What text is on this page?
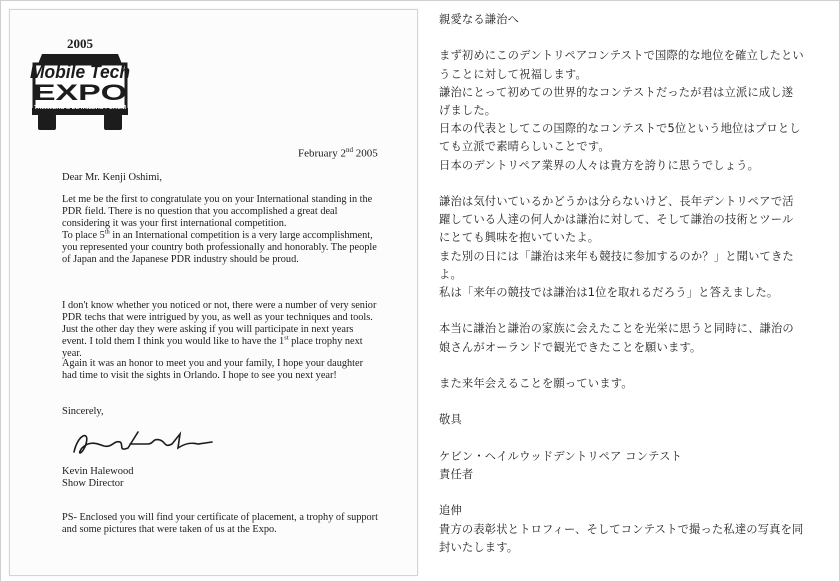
2005
Mobile Tech
EXPO
TRIMMERS & DETAILERS FORUM
February 2nd 2005
Dear Mr. Kenji Oshimi,
Let me be the first to congratulate you on your International standing in the
PDR field. There is no question that you accomplished a great deal
considering it was your first international competition.
To place 5th in an International competition is a very large accomplishment,
you represented your country both professionally and honorably. The people
of Japan and the Japanese PDR industry should be proud.
I don't know whether you noticed or not, there were a number of very senior
PDR techs that were intrigued by you, as well as your techniques and tools.
Just the other day they were asking if you will participate in next years
event. I told them I think you would like to have the 1st place trophy next
year.
Again it was an honor to meet you and your family, I hope your daughter
had time to visit the sights in Orlando. I hope to see you next year!
Sincerely,
Kevin Halewood
Show Director
PS- Enclosed you will find your certificate of placement, a trophy of support
and some pictures that were taken of us at the Expo.
親愛なる謙治へ
まず初めにこのデントリペアコンテストで国際的な地位を確立したとい
うことに対して祝福します。
謙治にとって初めての世界的なコンテストだったが君は立派に成し遂
げました。
日本の代表としてこの国際的なコンテストで5位という地位はプロとし
ても立派で素晴らしいことです。
日本のデントリペア業界の人々は貴方を誇りに思うでしょう。
謙治は気付いているかどうかは分らないけど、長年デントリペアで活
躍している人達の何人かは謙治に対して、そして謙治の技術とツール
にとても興味を抱いていたよ。
また別の日には「謙治は来年も競技に参加するのか？」と聞いてきた
よ。
私は「来年の競技では謙治は1位を取れるだろう」と答えました。
本当に謙治と謙治の家族に会えたことを光栄に思うと同時に、謙治の
娘さんがオーランドで観光できたことを願います。
また来年会えることを願っています。
敬具
ケビン・ヘイルウッドデントリペア コンテスト
責任者
追伸
貴方の表彰状とトロフィー、そしてコンテストで撮った私達の写真を同
封いたします。
